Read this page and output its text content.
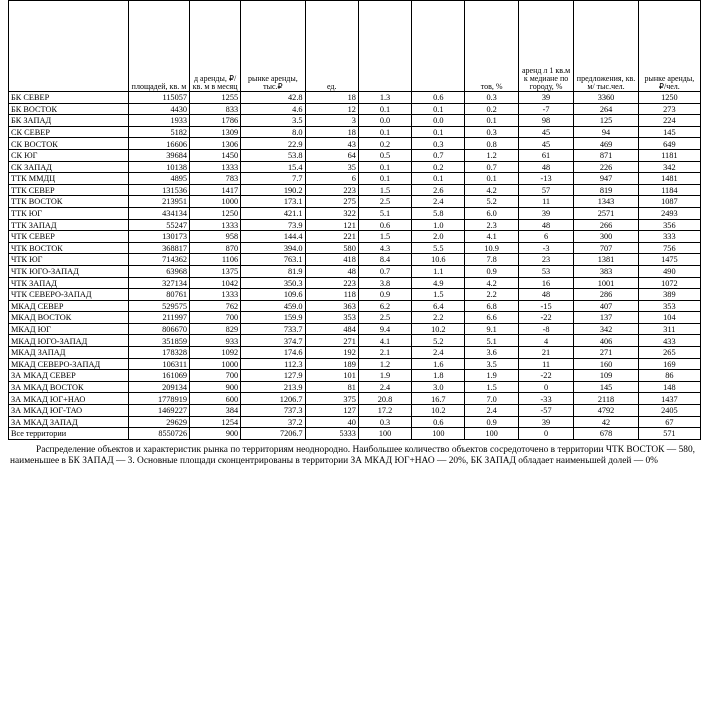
	площадей, кв. м	д аренды, ₽/кв. м в месяц	рынке аренды, тыс.₽	ед.			тов, %	аренд л 1 кв.м к медиане по городу, %	предложения, кв. м/ тыс.чел.	рынке аренды, ₽/чел.
БК СЕВЕР	115057	1255	42.8	18	1.3	0.6	0.3	39	3360	1250
БК ВОСТОК	4430	833	4.6	12	0.1	0.1	0.2	-7	264	273
БК ЗАПАД	1933	1786	3.5	3	0.0	0.0	0.1	98	125	224
СК СЕВЕР	5182	1309	8.0	18	0.1	0.1	0.3	45	94	145
СК ВОСТОК	16606	1306	22.9	43	0.2	0.3	0.8	45	469	649
СК ЮГ	39684	1450	53.8	64	0.5	0.7	1.2	61	871	1181
СК ЗАПАД	10138	1333	15.4	35	0.1	0.2	0.7	48	226	342
ТТК ММДЦ	4895	783	7.7	6	0.1	0.1	0.1	-13	947	1481
ТТК СЕВЕР	131536	1417	190.2	223	1.5	2.6	4.2	57	819	1184
ТТК ВОСТОК	213951	1000	173.1	275	2.5	2.4	5.2	11	1343	1087
ТТК ЮГ	434134	1250	421.1	322	5.1	5.8	6.0	39	2571	2493
ТТК ЗАПАД	55247	1333	73.9	121	0.6	1.0	2.3	48	266	356
ЧТК СЕВЕР	130173	958	144.4	221	1.5	2.0	4.1	6	300	333
ЧТК ВОСТОК	368817	870	394.0	580	4.3	5.5	10.9	-3	707	756
ЧТК ЮГ	714362	1106	763.1	418	8.4	10.6	7.8	23	1381	1475
ЧТК ЮГО-ЗАПАД	63968	1375	81.9	48	0.7	1.1	0.9	53	383	490
ЧТК ЗАПАД	327134	1042	350.3	223	3.8	4.9	4.2	16	1001	1072
ЧТК СЕВЕРО-ЗАПАД	80761	1333	109.6	118	0.9	1.5	2.2	48	286	389
МКАД СЕВЕР	529575	762	459.0	363	6.2	6.4	6.8	-15	407	353
МКАД ВОСТОК	211997	700	159.9	353	2.5	2.2	6.6	-22	137	104
МКАД ЮГ	806670	829	733.7	484	9.4	10.2	9.1	-8	342	311
МКАД ЮГО-ЗАПАД	351859	933	374.7	271	4.1	5.2	5.1	4	406	433
МКАД ЗАПАД	178328	1092	174.6	192	2.1	2.4	3.6	21	271	265
МКАД СЕВЕРО-ЗАПАД	106311	1000	112.3	189	1.2	1.6	3.5	11	160	169
ЗА МКАД СЕВЕР	161069	700	127.9	101	1.9	1.8	1.9	-22	109	86
ЗА МКАД ВОСТОК	209134	900	213.9	81	2.4	3.0	1.5	0	145	148
ЗА МКАД ЮГ+НАО	1778919	600	1206.7	375	20.8	16.7	7.0	-33	2118	1437
ЗА МКАД ЮГ-ТАО	1469227	384	737.3	127	17.2	10.2	2.4	-57	4792	2405
ЗА МКАД ЗАПАД	29629	1254	37.2	40	0.3	0.6	0.9	39	42	67
Все территории	8550726	900	7206.7	5333	100	100	100	0	678	571

Распределение объектов и характеристик рынка по территориям неоднородно. Наибольшее количество объектов сосредоточено в территории ЧТК ВОСТОК — 580, наименьшее в БК ЗАПАД — 3. Основные площади сконцентрированы в территории ЗА МКАД ЮГ+НАО — 20%, БК ЗАПАД обладает наименьшей долей — 0%
